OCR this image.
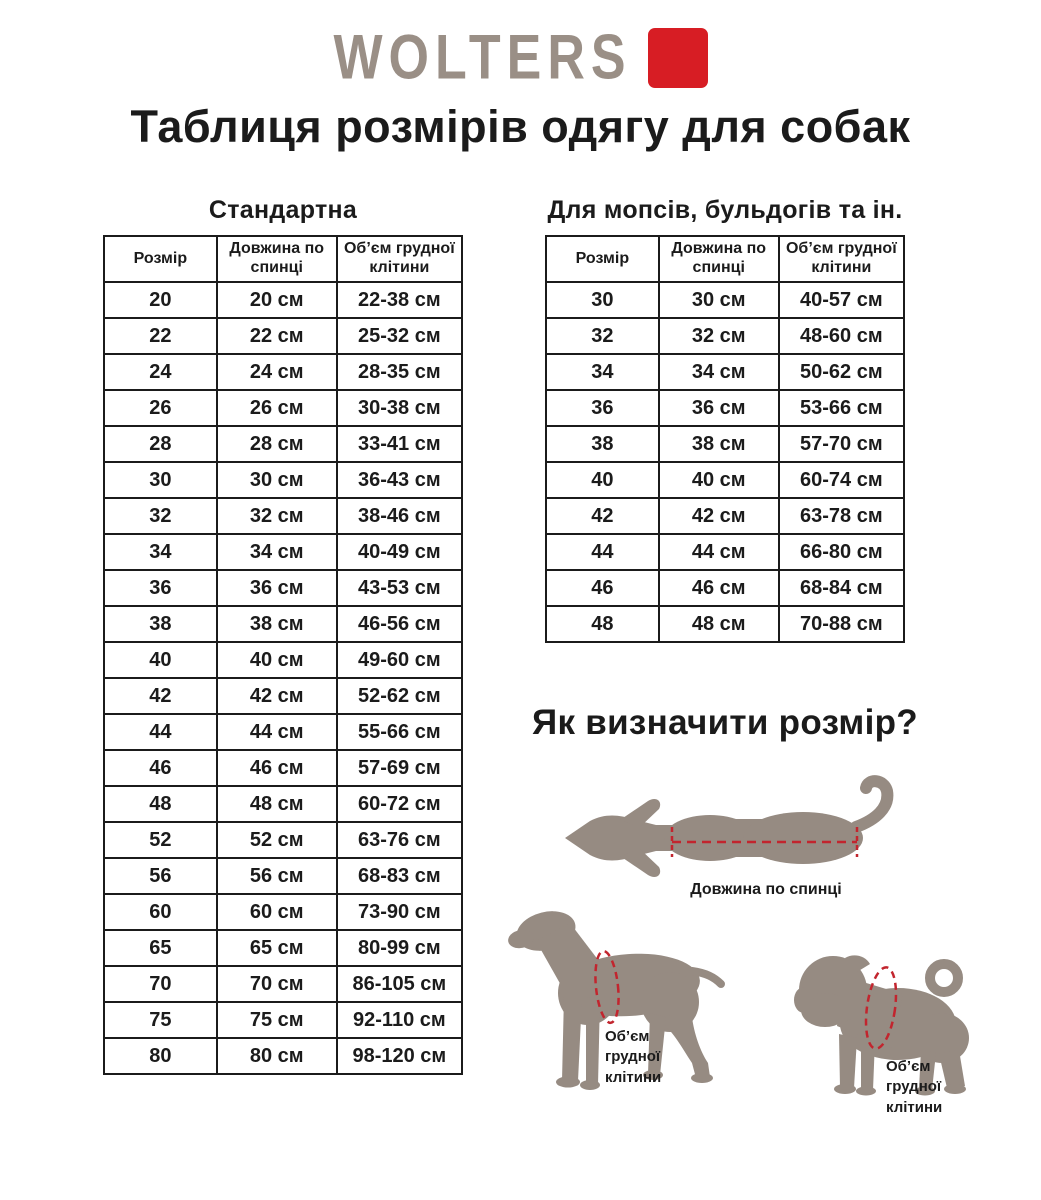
WOLTERS
Таблиця розмірів одягу для собак
Стандартна
Розмір	Довжина по спинці	Об’єм грудної клітини
20	20 см	22-38 см
22	22 см	25-32 см
24	24 см	28-35 см
26	26 см	30-38 см
28	28 см	33-41 см
30	30 см	36-43 см
32	32 см	38-46 см
34	34 см	40-49 см
36	36 см	43-53 см
38	38 см	46-56 см
40	40 см	49-60 см
42	42 см	52-62 см
44	44 см	55-66 см
46	46 см	57-69 см
48	48 см	60-72 см
52	52 см	63-76 см
56	56 см	68-83 см
60	60 см	73-90 см
65	65 см	80-99 см
70	70 см	86-105 см
75	75 см	92-110 см
80	80 см	98-120 см
Для мопсів, бульдогів та ін.
Розмір	Довжина по спинці	Об’єм грудної клітини
30	30 см	40-57 см
32	32 см	48-60 см
34	34 см	50-62 см
36	36 см	53-66 см
38	38 см	57-70 см
40	40 см	60-74 см
42	42 см	63-78 см
44	44 см	66-80 см
46	46 см	68-84 см
48	48 см	70-88 см
Як визначити розмір?
Довжина по спинці
Об’єм грудної клітини
Об’єм грудної клітини
